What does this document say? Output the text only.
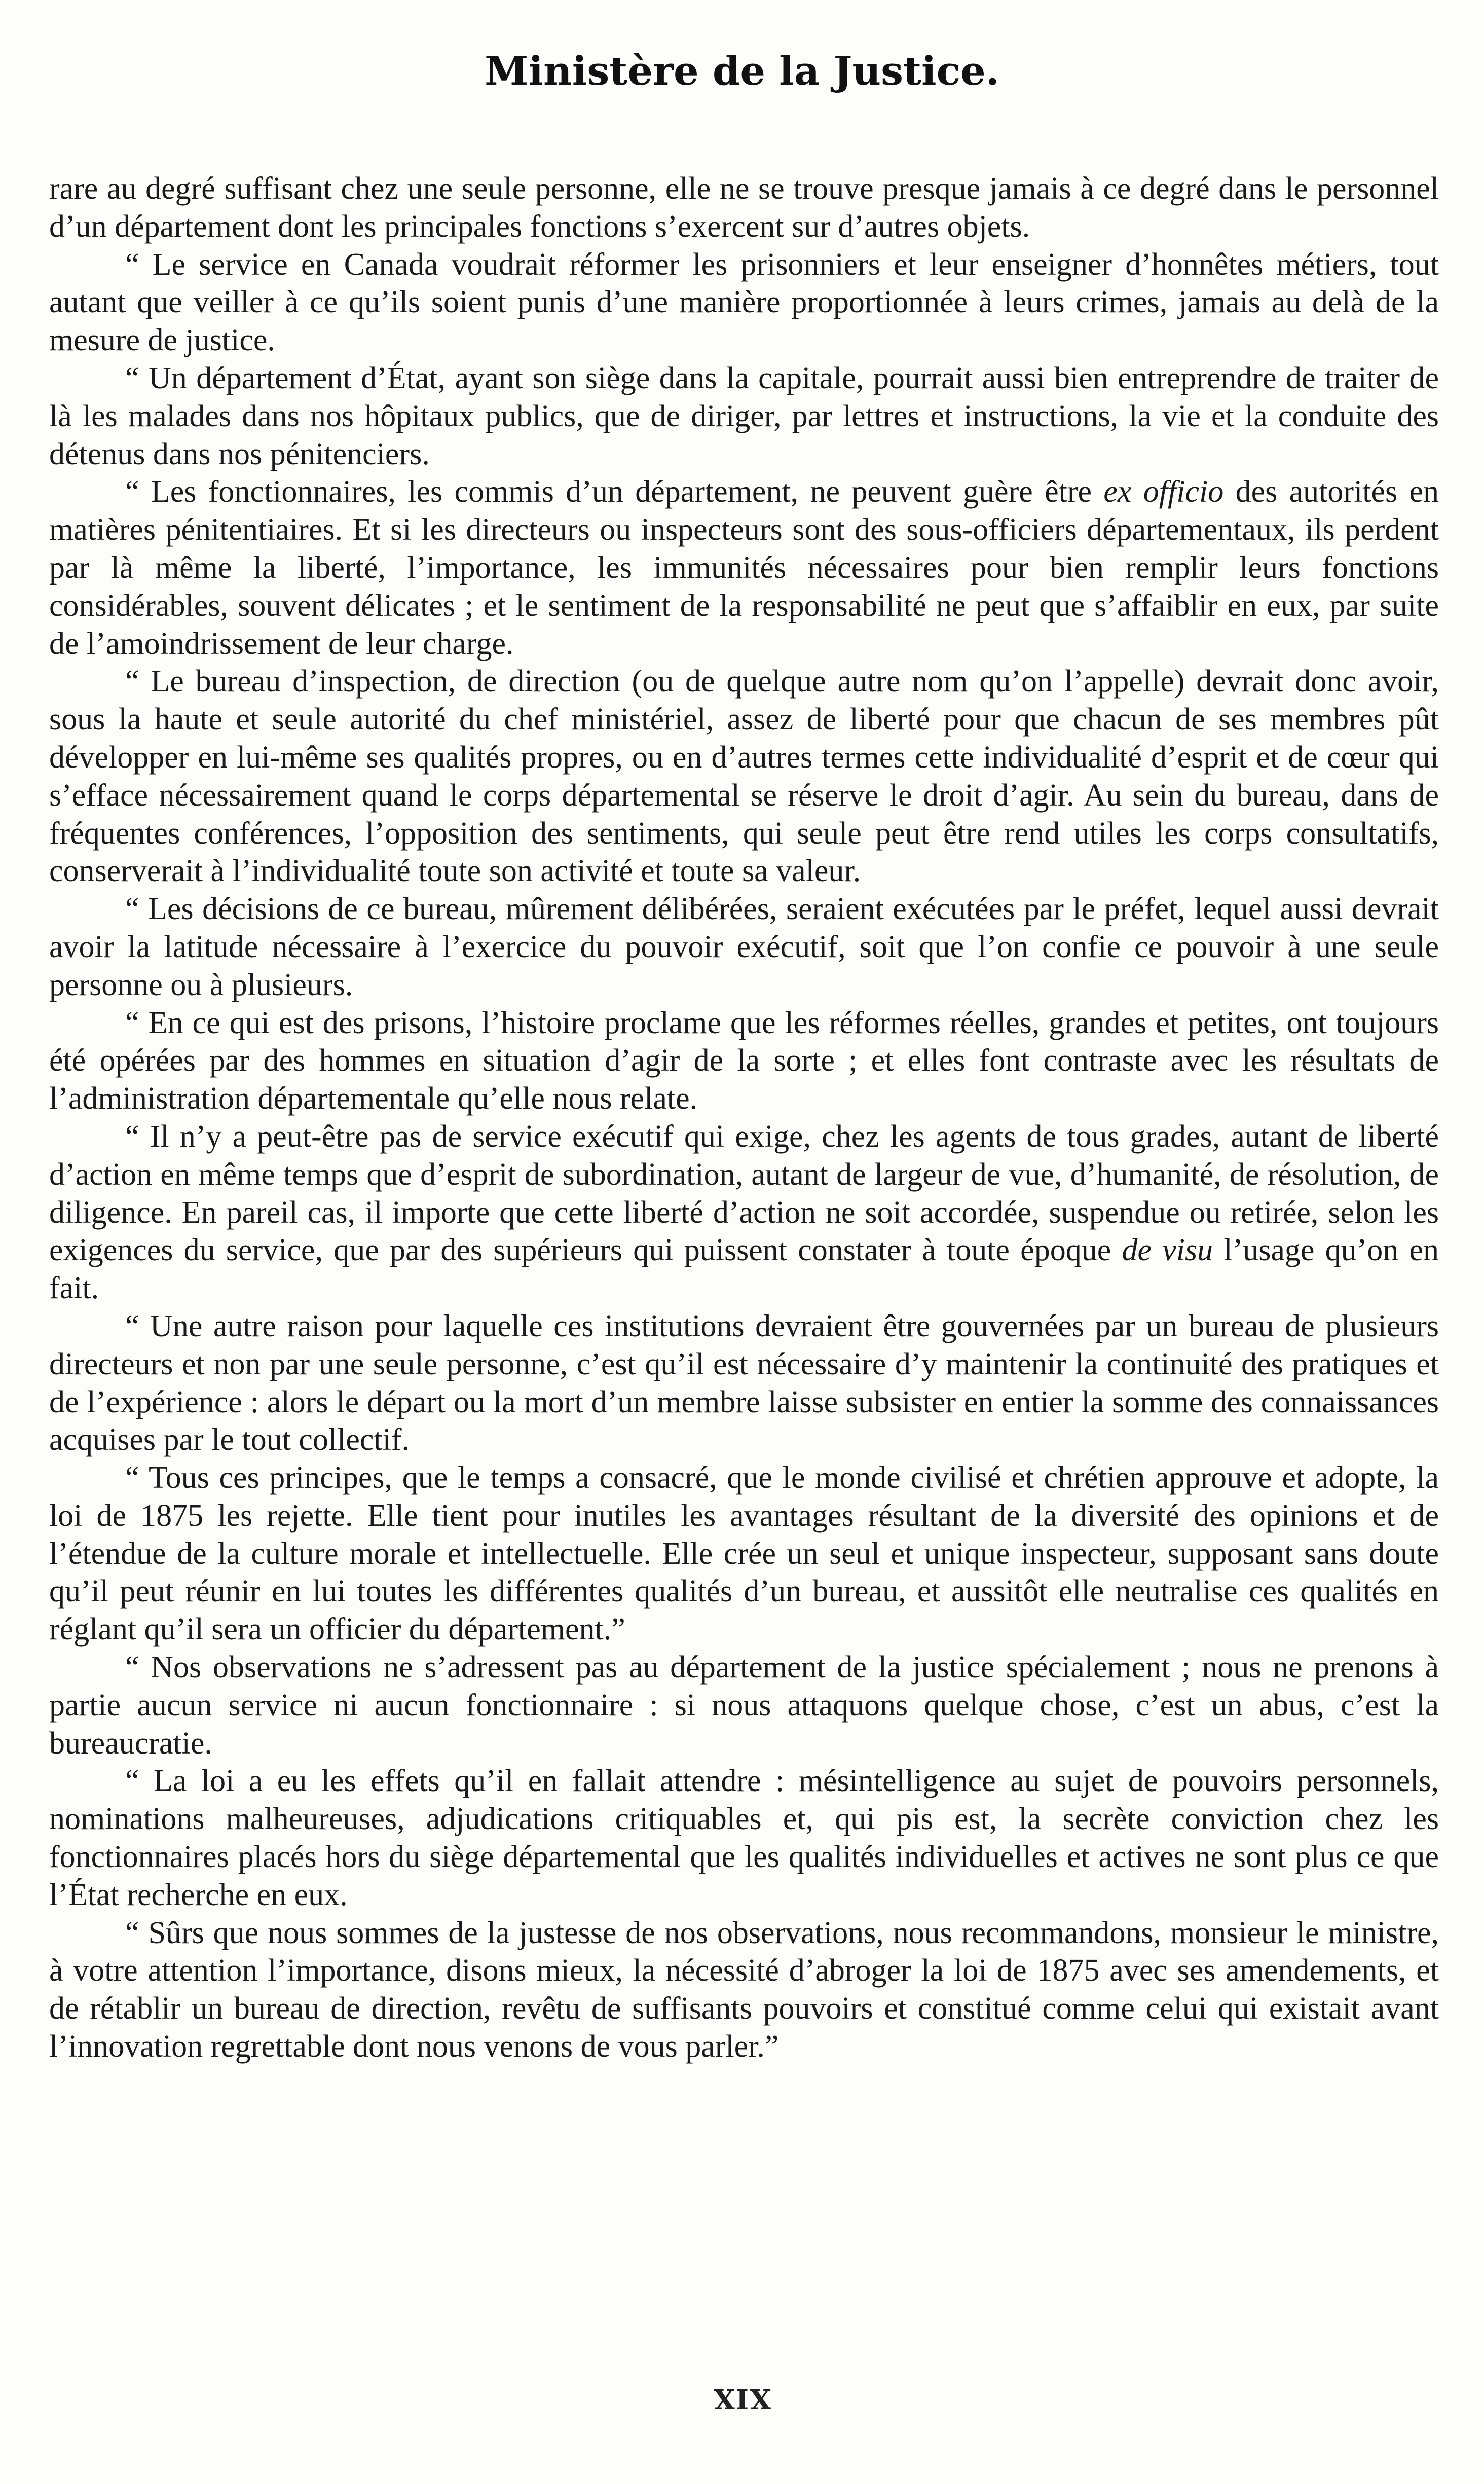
Ministère de la Justice.

rare au degré suffisant chez une seule personne, elle ne se trouve presque jamais à ce degré dans le personnel d’un département dont les principales fonctions s’exercent sur d’autres objets.

“ Le service en Canada voudrait réformer les prisonniers et leur enseigner d’honnêtes métiers, tout autant que veiller à ce qu’ils soient punis d’une manière proportionnée à leurs crimes, jamais au delà de la mesure de justice.

“ Un département d’État, ayant son siège dans la capitale, pourrait aussi bien entreprendre de traiter de là les malades dans nos hôpitaux publics, que de diriger, par lettres et instructions, la vie et la conduite des détenus dans nos pénitenciers.

“ Les fonctionnaires, les commis d’un département, ne peuvent guère être ex officio des autorités en matières pénitentiaires. Et si les directeurs ou inspecteurs sont des sous-officiers départementaux, ils perdent par là même la liberté, l’importance, les immunités nécessaires pour bien remplir leurs fonctions considérables, souvent délicates ; et le sentiment de la responsabilité ne peut que s’affaiblir en eux, par suite de l’amoindrissement de leur charge.

“ Le bureau d’inspection, de direction (ou de quelque autre nom qu’on l’appelle) devrait donc avoir, sous la haute et seule autorité du chef ministériel, assez de liberté pour que chacun de ses membres pût développer en lui-même ses qualités propres, ou en d’autres termes cette individualité d’esprit et de cœur qui s’efface nécessairement quand le corps départemental se réserve le droit d’agir. Au sein du bureau, dans de fréquentes conférences, l’opposition des sentiments, qui seule peut être rend utiles les corps consultatifs, conserverait à l’individualité toute son activité et toute sa valeur.

“ Les décisions de ce bureau, mûrement délibérées, seraient exécutées par le préfet, lequel aussi devrait avoir la latitude nécessaire à l’exercice du pouvoir exécutif, soit que l’on confie ce pouvoir à une seule personne ou à plusieurs.

“ En ce qui est des prisons, l’histoire proclame que les réformes réelles, grandes et petites, ont toujours été opérées par des hommes en situation d’agir de la sorte ; et elles font contraste avec les résultats de l’administration départementale qu’elle nous relate.

“ Il n’y a peut-être pas de service exécutif qui exige, chez les agents de tous grades, autant de liberté d’action en même temps que d’esprit de subordination, autant de largeur de vue, d’humanité, de résolution, de diligence. En pareil cas, il importe que cette liberté d’action ne soit accordée, suspendue ou retirée, selon les exigences du service, que par des supérieurs qui puissent constater à toute époque de visu l’usage qu’on en fait.

“ Une autre raison pour laquelle ces institutions devraient être gouvernées par un bureau de plusieurs directeurs et non par une seule personne, c’est qu’il est nécessaire d’y maintenir la continuité des pratiques et de l’expérience : alors le départ ou la mort d’un membre laisse subsister en entier la somme des connaissances acquises par le tout collectif.

“ Tous ces principes, que le temps a consacré, que le monde civilisé et chrétien approuve et adopte, la loi de 1875 les rejette. Elle tient pour inutiles les avantages résultant de la diversité des opinions et de l’étendue de la culture morale et intellectuelle. Elle crée un seul et unique inspecteur, supposant sans doute qu’il peut réunir en lui toutes les différentes qualités d’un bureau, et aussitôt elle neutralise ces qualités en réglant qu’il sera un officier du département.”

“ Nos observations ne s’adressent pas au département de la justice spécialement ; nous ne prenons à partie aucun service ni aucun fonctionnaire : si nous attaquons quelque chose, c’est un abus, c’est la bureaucratie.

“ La loi a eu les effets qu’il en fallait attendre : mésintelligence au sujet de pouvoirs personnels, nominations malheureuses, adjudications critiquables et, qui pis est, la secrète conviction chez les fonctionnaires placés hors du siège départemental que les qualités individuelles et actives ne sont plus ce que l’État recherche en eux.

“ Sûrs que nous sommes de la justesse de nos observations, nous recommandons, monsieur le ministre, à votre attention l’importance, disons mieux, la nécessité d’abroger la loi de 1875 avec ses amendements, et de rétablir un bureau de direction, revêtu de suffisants pouvoirs et constitué comme celui qui existait avant l’innovation regrettable dont nous venons de vous parler.”

XIX
